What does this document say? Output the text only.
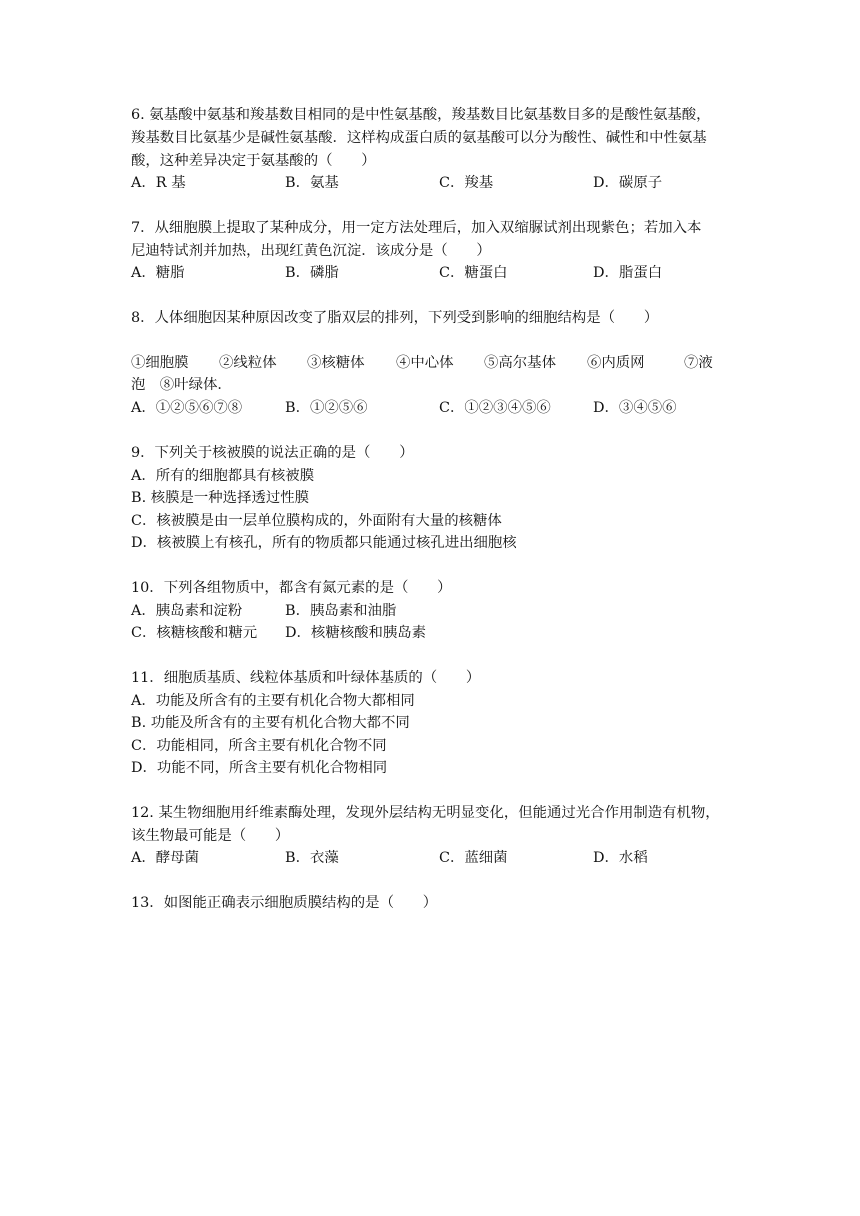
6. 氨基酸中氨基和羧基数目相同的是中性氨基酸，羧基数目比氨基数目多的是酸性氨基酸，
羧基数目比氨基少是碱性氨基酸．这样构成蛋白质的氨基酸可以分为酸性、碱性和中性氨基
酸，这种差异决定于氨基酸的（　　）
A．R 基	B．氨基	C．羧基	D．碳原子
7．从细胞膜上提取了某种成分，用一定方法处理后，加入双缩脲试剂出现紫色；若加入本
尼迪特试剂并加热，出现红黄色沉淀．该成分是（　　）
A．糖脂	B．磷脂	C．糖蛋白	D．脂蛋白
8．人体细胞因某种原因改变了脂双层的排列，下列受到影响的细胞结构是（　　）
①细胞膜 ②线粒体 ③核糖体 ④中心体 ⑤高尔基体 ⑥内质网	⑦液
泡　⑧叶绿体．
A．①②⑤⑥⑦⑧	B．①②⑤⑥	C．①②③④⑤⑥	D．③④⑤⑥
9．下列关于核被膜的说法正确的是（　　）
A．所有的细胞都具有核被膜
B. 核膜是一种选择透过性膜
C．核被膜是由一层单位膜构成的，外面附有大量的核糖体
D．核被膜上有核孔，所有的物质都只能通过核孔进出细胞核
10．下列各组物质中，都含有氮元素的是（　　）
A．胰岛素和淀粉	B．胰岛素和油脂
C．核糖核酸和糖元 D．核糖核酸和胰岛素
11．细胞质基质、线粒体基质和叶绿体基质的（　　）
A．功能及所含有的主要有机化合物大都相同
B. 功能及所含有的主要有机化合物大都不同
C．功能相同，所含主要有机化合物不同
D．功能不同，所含主要有机化合物相同
12. 某生物细胞用纤维素酶处理，发现外层结构无明显变化，但能通过光合作用制造有机物，
该生物最可能是（　　）
A．酵母菌	B．衣藻	C．蓝细菌	D．水稻
13．如图能正确表示细胞质膜结构的是（　　）
